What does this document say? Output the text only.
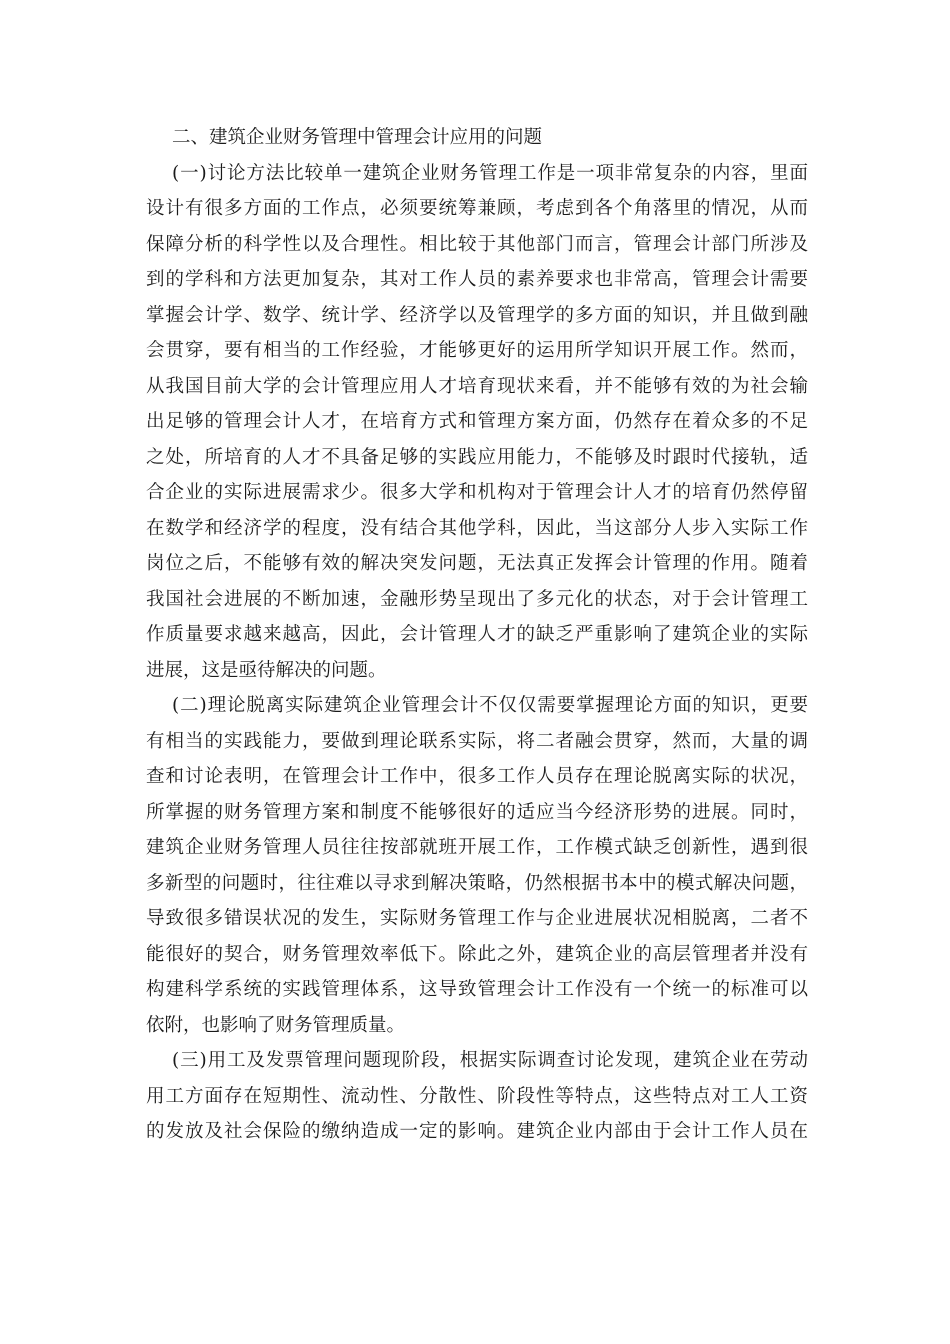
二、建筑企业财务管理中管理会计应用的问题
(一)讨论方法比较单一建筑企业财务管理工作是一项非常复杂的内容，里面
设计有很多方面的工作点，必须要统筹兼顾，考虑到各个角落里的情况，从而
保障分析的科学性以及合理性。相比较于其他部门而言，管理会计部门所涉及
到的学科和方法更加复杂，其对工作人员的素养要求也非常高，管理会计需要
掌握会计学、数学、统计学、经济学以及管理学的多方面的知识，并且做到融
会贯穿，要有相当的工作经验，才能够更好的运用所学知识开展工作。然而，
从我国目前大学的会计管理应用人才培育现状来看，并不能够有效的为社会输
出足够的管理会计人才，在培育方式和管理方案方面，仍然存在着众多的不足
之处，所培育的人才不具备足够的实践应用能力，不能够及时跟时代接轨，适
合企业的实际进展需求少。很多大学和机构对于管理会计人才的培育仍然停留
在数学和经济学的程度，没有结合其他学科，因此，当这部分人步入实际工作
岗位之后，不能够有效的解决突发问题，无法真正发挥会计管理的作用。随着
我国社会进展的不断加速，金融形势呈现出了多元化的状态，对于会计管理工
作质量要求越来越高，因此，会计管理人才的缺乏严重影响了建筑企业的实际
进展，这是亟待解决的问题。
(二)理论脱离实际建筑企业管理会计不仅仅需要掌握理论方面的知识，更要
有相当的实践能力，要做到理论联系实际，将二者融会贯穿，然而，大量的调
查和讨论表明，在管理会计工作中，很多工作人员存在理论脱离实际的状况，
所掌握的财务管理方案和制度不能够很好的适应当今经济形势的进展。同时，
建筑企业财务管理人员往往按部就班开展工作，工作模式缺乏创新性，遇到很
多新型的问题时，往往难以寻求到解决策略，仍然根据书本中的模式解决问题，
导致很多错误状况的发生，实际财务管理工作与企业进展状况相脱离，二者不
能很好的契合，财务管理效率低下。除此之外，建筑企业的高层管理者并没有
构建科学系统的实践管理体系，这导致管理会计工作没有一个统一的标准可以
依附，也影响了财务管理质量。
(三)用工及发票管理问题现阶段，根据实际调查讨论发现，建筑企业在劳动
用工方面存在短期性、流动性、分散性、阶段性等特点，这些特点对工人工资
的发放及社会保险的缴纳造成一定的影响。建筑企业内部由于会计工作人员在
